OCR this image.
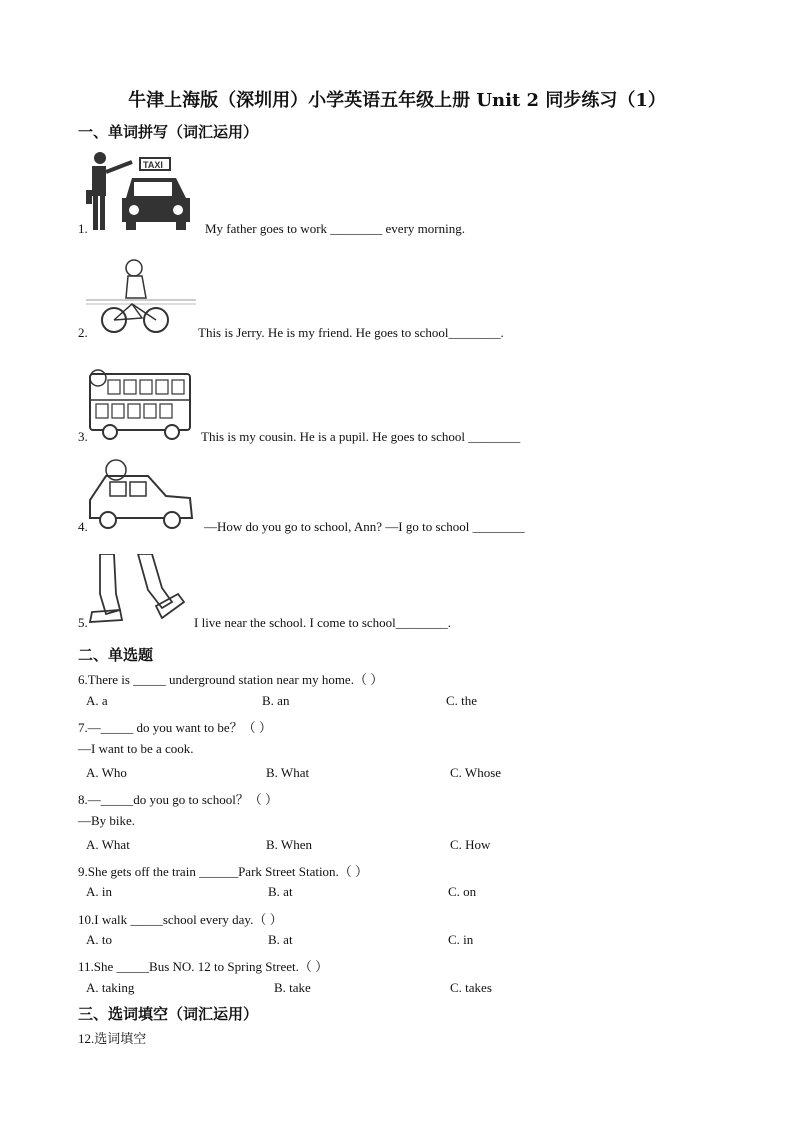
牛津上海版（深圳用）小学英语五年级上册 Unit 2 同步练习（1）
一、单词拼写（词汇运用）
TAXI
1.	My father goes to work ________ every morning.
2.	This is Jerry. He is my friend. He goes to school________.
3.	This is my cousin. He is a pupil. He goes to school ________
4.	—How do you go to school, Ann? —I go to school ________
5.	I live near the school. I come to school________.
二、单选题
6.There is _____ underground station near my home.（ ）
A. a	B. an	C. the
7.—_____ do you want to be？（ ）
—I want to be a cook.
A. Who	B. What	C. Whose
8.—_____do you go to school？（ ）
—By bike.
A. What	B. When	C. How
9.She gets off the train ______Park Street Station.（ ）
A. in	B. at	C. on
10.I walk _____school every day.（ ）
A. to	B. at	C. in
11.She _____Bus NO. 12 to Spring Street.（ ）
A. taking	B. take	C. takes
三、选词填空（词汇运用）
12.选词填空
